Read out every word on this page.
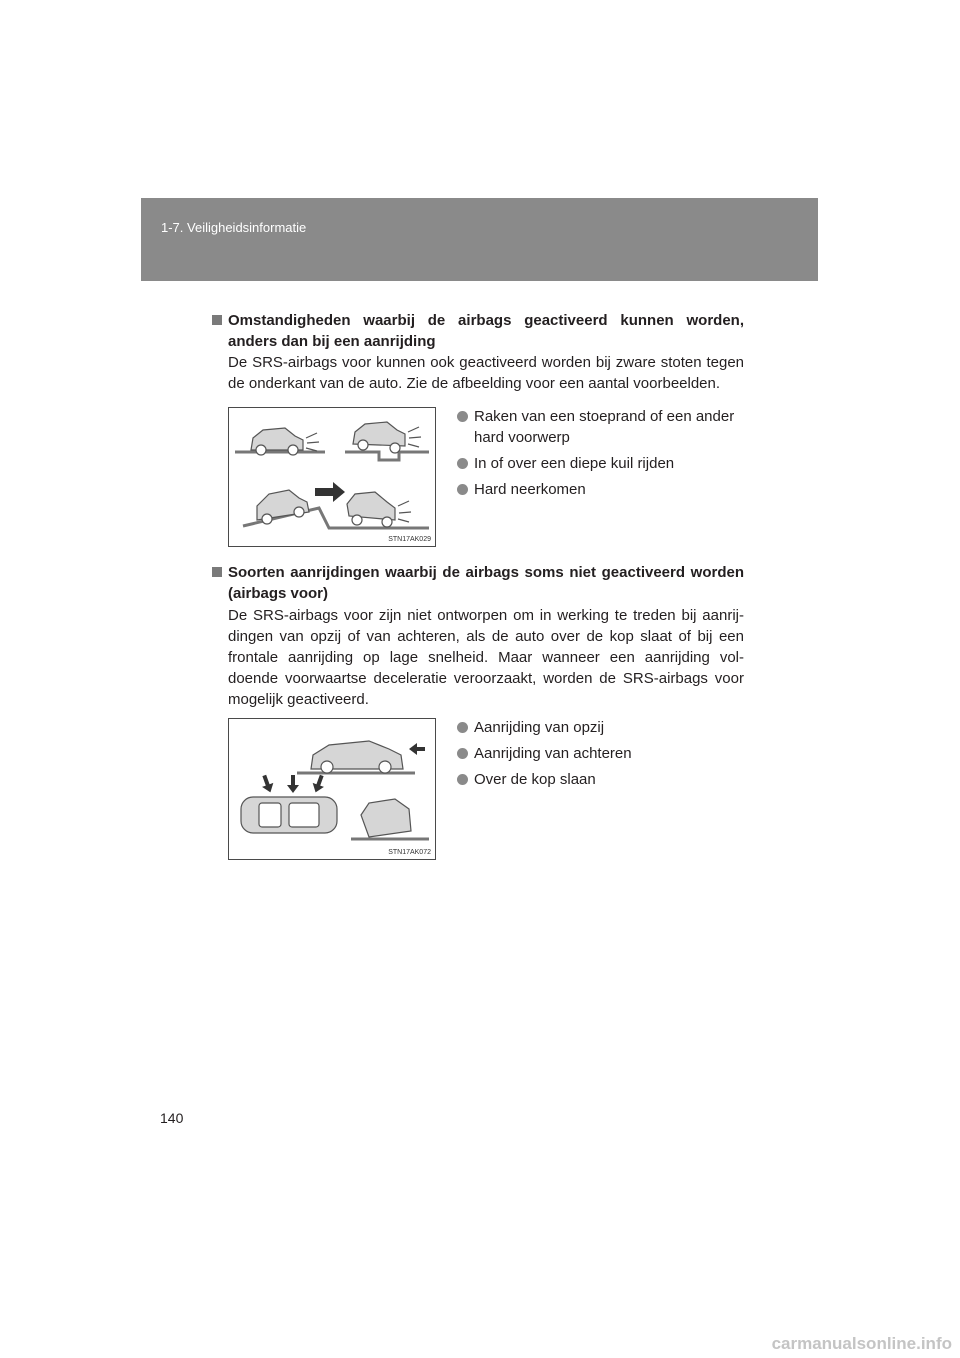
1-7. Veiligheidsinformatie
Omstandigheden waarbij de airbags geactiveerd kunnen worden, anders dan bij een aanrijding
De SRS-airbags voor kunnen ook geactiveerd worden bij zware stoten tegen de onderkant van de auto. Zie de afbeelding voor een aantal voorbeelden.
STN17AK029
Raken van een stoeprand of een ander hard voorwerp
In of over een diepe kuil rijden
Hard neerkomen
Soorten aanrijdingen waarbij de airbags soms niet geactiveerd worden (airbags voor)
De SRS-airbags voor zijn niet ontworpen om in werking te treden bij aanrij- dingen van opzij of van achteren, als de auto over de kop slaat of bij een frontale aanrijding op lage snelheid. Maar wanneer een aanrijding vol- doende voorwaartse deceleratie veroorzaakt, worden de SRS-airbags voor mogelijk geactiveerd.
STN17AK072
Aanrijding van opzij
Aanrijding van achteren
Over de kop slaan
140
carmanualsonline.info
